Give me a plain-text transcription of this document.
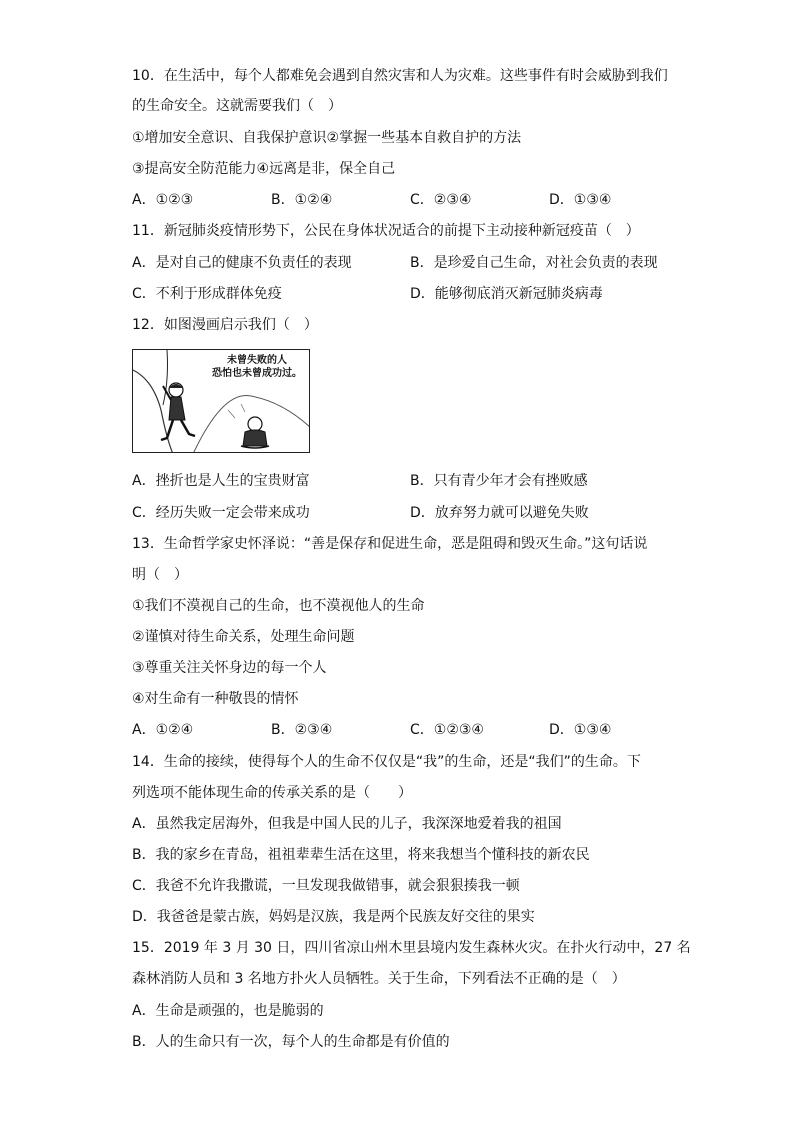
10．在生活中，每个人都难免会遇到自然灾害和人为灾难。这些事件有时会威胁到我们
的生命安全。这就需要我们（　）
①增加安全意识、自我保护意识②掌握一些基本自救自护的方法
③提高安全防范能力④远离是非，保全自己
A．①②③	B．①②④	C．②③④	D．①③④
11．新冠肺炎疫情形势下，公民在身体状况适合的前提下主动接种新冠疫苗（　）
A．是对自己的健康不负责任的表现	B．是珍爱自己生命，对社会负责的表现
C．不利于形成群体免疫	D．能够彻底消灭新冠肺炎病毒
12．如图漫画启示我们（　）
未曾失败的人
恐怕也未曾成功过。
A．挫折也是人生的宝贵财富	B．只有青少年才会有挫败感
C．经历失败一定会带来成功	D．放弃努力就可以避免失败
13．生命哲学家史怀泽说：“善是保存和促进生命，恶是阻碍和毁灭生命。”这句话说
明（　）
①我们不漠视自己的生命，也不漠视他人的生命
②谨慎对待生命关系，处理生命问题
③尊重关注关怀身边的每一个人
④对生命有一种敬畏的情怀
A．①②④	B．②③④	C．①②③④	D．①③④
14．生命的接续，使得每个人的生命不仅仅是“我”的生命，还是“我们”的生命。下
列选项不能体现生命的传承关系的是（　　）
A．虽然我定居海外，但我是中国人民的儿子，我深深地爱着我的祖国
B．我的家乡在青岛，祖祖辈辈生活在这里，将来我想当个懂科技的新农民
C．我爸不允许我撒谎，一旦发现我做错事，就会狠狠揍我一顿
D．我爸爸是蒙古族，妈妈是汉族，我是两个民族友好交往的果实
15．2019 年 3 月 30 日，四川省凉山州木里县境内发生森林火灾。在扑火行动中，27 名
森林消防人员和 3 名地方扑火人员牺牲。关于生命，下列看法不正确的是（　）
A．生命是顽强的，也是脆弱的
B．人的生命只有一次，每个人的生命都是有价值的
